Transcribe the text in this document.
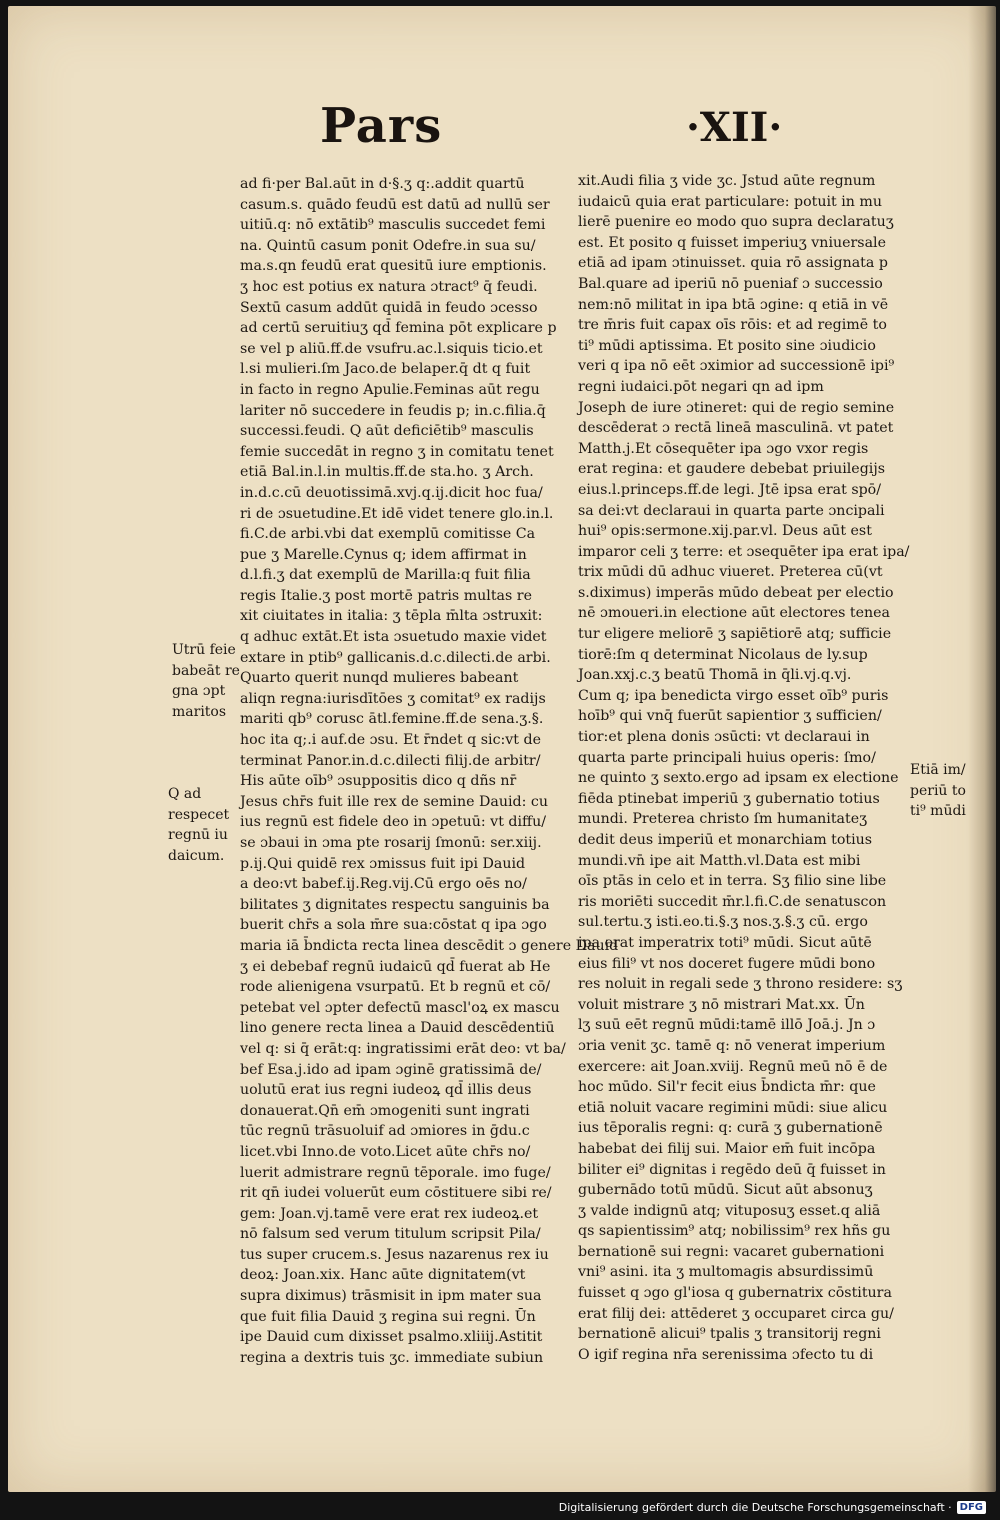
Pars	·XII·
ad fi·per Bal.aūt in d·§.ʒ q:.addit quartū
casum.s. quādo feudū est datū ad nullū ser
uitiū.q: nō extātib⁹ masculis succedet femi
na. Quintū casum ponit Odefre.in sua su/
ma.s.qn feudū erat quesitū iure emptionis.
ʒ hoc est potius ex natura ɔtract⁹ q̄ feudi.
Sextū casum addūt quidā in feudo ɔcesso
ad certū seruitiuʒ qd̄ femina pōt explicare p
se vel p aliū.ff.de vsufru.ac.l.siquis ticio.et
l.si mulieri.ſm Jaco.de belaper.q̄ dt q fuit
in facto in regno Apulie.Feminas aūt regu
lariter nō succedere in feudis p; in.c.filia.q̄
successi.feudi. Q aūt deficiētib⁹ masculis
femie succedāt in regno ʒ in comitatu tenet
etiā Bal.in.l.in multis.ff.de sta.ho. ʒ Arch.
in.d.c.cū deuotissimā.xvj.q.ij.dicit hoc fua/
ri de ɔsuetudine.Et idē videt tenere glo.in.l.
fi.C.de arbi.vbi dat exemplū comitisse Ca
pue ʒ Marelle.Cynus q; idem affirmat in
d.l.fi.ʒ dat exemplū de Marilla:q fuit filia
regis Italie.ʒ post mortē patris multas re
xit ciuitates in italia: ʒ tēpla m̄lta ɔstruxit:
q adhuc extāt.Et ista ɔsuetudo maxie videt
extare in ptib⁹ gallicanis.d.c.dilecti.de arbi.
Quarto querit nunqd mulieres babeant
aliqn regna:iurisdītōes ʒ comitat⁹ ex radijs
mariti qb⁹ corusc ātl.femine.ff.de sena.ʒ.§.
hoc ita q;.i auf.de ɔsu. Et r̄ndet q sic:vt de
terminat Panor.in.d.c.dilecti filij.de arbitr/
His aūte oīb⁹ ɔsuppositis dico q dñs nr̄
Jesus chr̄s fuit ille rex de semine Dauid: cu
ius regnū est fidele deo in ɔpetuū: vt diffu/
se ɔbaui in ɔma pte rosarij ſmonū: ser.xiij.
p.ij.Qui quidē rex ɔmissus fuit ipi Dauid
a deo:vt babef.ij.Reg.vij.Cū ergo oēs no/
bilitates ʒ dignitates respectu sanguinis ba
buerit chr̄s a sola m̄re sua:cōstat q ipa ɔgo
maria iā b̄ndicta recta linea descēdit ɔ genere Dauid
ʒ ei debebaf regnū iudaicū qd̄ fuerat ab He
rode alienigena vsurpatū. Et b regnū et cō/
petebat vel ɔpter defectū mascl'oꝝ ex mascu
lino genere recta linea a Dauid descēdentiū
vel q: si q̄ erāt:q: ingratissimi erāt deo: vt ba/
bef Esa.j.ido ad ipam ɔginē gratissimā de/
uolutū erat ius regni iudeoꝝ qd̄ illis deus
donauerat.Qn̄ em̄ ɔmogeniti sunt ingrati
tūc regnū trāsuoluif ad ɔmiores in ḡdu.c
licet.vbi Inno.de voto.Licet aūte chr̄s no/
luerit admistrare regnū tēporale. imo fuge/
rit qn̄ iudei voluerūt eum cōstituere sibi re/
gem: Joan.vj.tamē vere erat rex iudeoꝝ.et
nō falsum sed verum titulum scripsit Pila/
tus super crucem.s. Jesus nazarenus rex iu
deoꝝ: Joan.xix. Hanc aūte dignitatem(vt
supra diximus) trāsmisit in ipm mater sua
que fuit filia Dauid ʒ regina sui regni. Ūn
ipe Dauid cum dixisset psalmo.xliiij.Astitit
regina a dextris tuis ʒc. immediate subiun
xit.Audi filia ʒ vide ʒc. Jstud aūte regnum
iudaicū quia erat particulare: potuit in mu
lierē puenire eo modo quo supra declaratuʒ
est. Et posito q fuisset imperiuʒ vniuersale
etiā ad ipam ɔtinuisset. quia rō assignata p
Bal.quare ad iperiū nō pueniaf ɔ successio
nem:nō militat in ipa btā ɔgine: q etiā in vē
tre m̄ris fuit capax oīs rōis: et ad regimē to
ti⁹ mūdi aptissima. Et posito sine ɔiudicio
veri q ipa nō eēt ɔximior ad successionē ipi⁹
regni iudaici.pōt negari qn ad ipm
Joseph de iure ɔtineret: qui de regio semine
descēderat ɔ rectā lineā masculinā. vt patet
Matth.j.Et cōsequēter ipa ɔgo vxor regis
erat regina: et gaudere debebat priuilegijs
eius.l.princeps.ff.de legi. Jtē ipsa erat spō/
sa dei:vt declaraui in quarta parte ɔncipali
hui⁹ opis:sermone.xij.par.vl. Deus aūt est
imparor celi ʒ terre: et ɔsequēter ipa erat ipa/
trix mūdi dū adhuc viueret. Preterea cū(vt
s.diximus) imperās mūdo debeat per electio
nē ɔmoueri.in electione aūt electores tenea
tur eligere meliorē ʒ sapiētiorē atq; sufficie
tiorē:ſm q determinat Nicolaus de ly.sup
Joan.xxj.c.ʒ beatū Thomā in q̄li.vj.q.vj.
Cum q; ipa benedicta virgo esset oīb⁹ puris
hoīb⁹ qui vnq̄ fuerūt sapientior ʒ sufficien/
tior:et plena donis ɔsūcti: vt declaraui in
quarta parte principali huius operis: ſmo/
ne quinto ʒ sexto.ergo ad ipsam ex electione
fiēda ptinebat imperiū ʒ gubernatio totius
mundi. Preterea christo ſm humanitateʒ
dedit deus imperiū et monarchiam totius
mundi.vn̄ ipe ait Matth.vl.Data est mibi
oīs ptās in celo et in terra. Sʒ filio sine libe
ris moriēti succedit m̄r.l.fi.C.de senatuscon
sul.tertu.ʒ isti.eo.ti.§.ʒ nos.ʒ.§.ʒ cū. ergo
ipa erat imperatrix toti⁹ mūdi. Sicut aūtē
eius fili⁹ vt nos doceret fugere mūdi bono
res noluit in regali sede ʒ throno residere: sʒ
voluit mistrare ʒ nō mistrari Mat.xx. Ūn
lʒ suū eēt regnū mūdi:tamē illō Joā.j. Jn ɔ
ɔria venit ʒc. tamē q: nō venerat imperium
exercere: ait Joan.xviij. Regnū meū nō ē de
hoc mūdo. Sil'r fecit eius b̄ndicta m̄r: que
etiā noluit vacare regimini mūdi: siue alicu
ius tēporalis regni: q: curā ʒ gubernationē
habebat dei filij sui. Maior em̄ fuit incōpa
biliter ei⁹ dignitas i regēdo deū q̄ fuisset in
gubernādo totū mūdū. Sicut aūt absonuʒ
ʒ valde indignū atq; vituposuʒ esset.q aliā
qs sapientissim⁹ atq; nobilissim⁹ rex hñs gu
bernationē sui regni: vacaret gubernationi
vni⁹ asini. ita ʒ multomagis absurdissimū
fuisset q ɔgo gl'iosa q gubernatrix cōstitura
erat filij dei: attēderet ʒ occuparet circa gu/
bernationē alicui⁹ tpalis ʒ transitorij regni
O igif regina nr̄a serenissima ɔfecto tu di
Utrū feie
babeāt re
gna ɔpt
maritos
Q ad
respecet
regnū iu
daicum.
Etiā im/
periū to
ti⁹ mūdi
Digitalisierung gefördert durch die Deutsche Forschungsgemeinschaft · DFG
